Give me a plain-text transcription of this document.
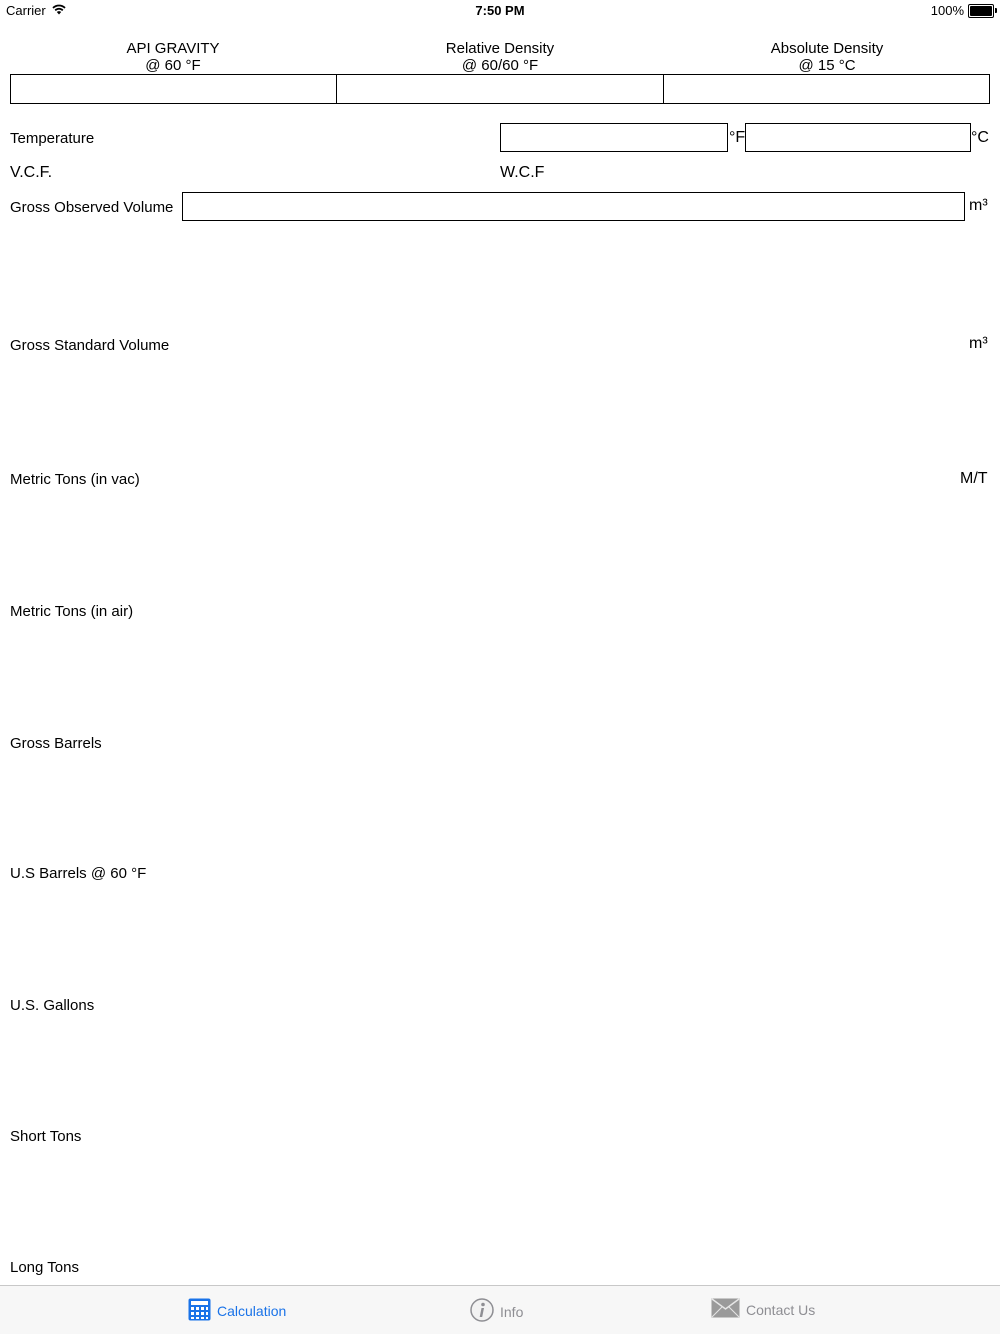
Carrier	7:50 PM	100%
API GRAVITY
@ 60 °F
Relative Density
@ 60/60 °F
Absolute Density
@ 15 °C
Temperature	°F	°C
V.C.F.	W.C.F
Gross Observed Volume	m³
Gross Standard Volume	m³
Metric Tons (in vac)	M/T
Metric Tons (in air)
Gross Barrels
U.S Barrels @ 60 °F
U.S. Gallons
Short Tons
Long Tons
Calculation	Info	Contact Us
